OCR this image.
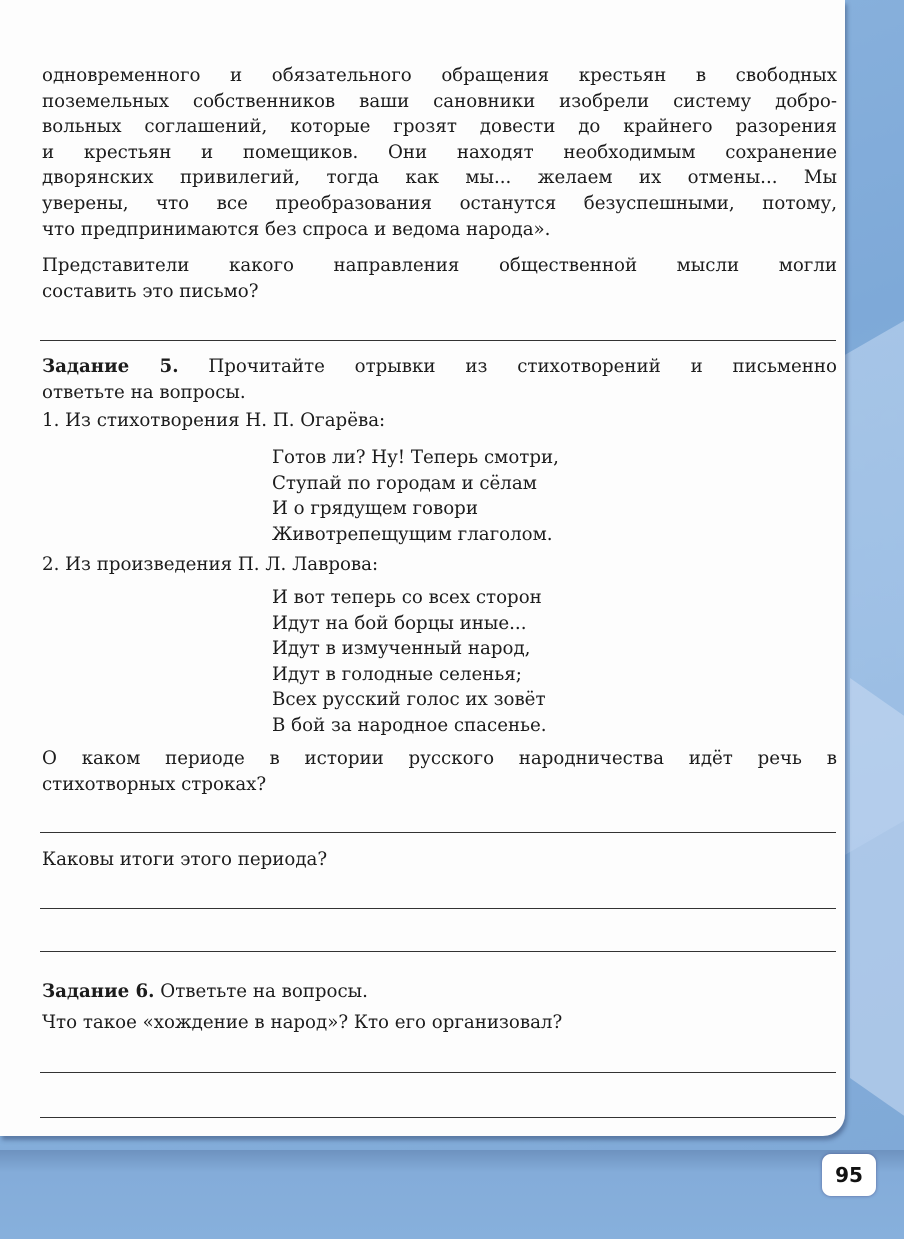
одновременного и обязательного обращения крестьян в свободных
поземельных собственников ваши сановники изобрели систему добро-
вольных соглашений, которые грозят довести до крайнего разорения
и крестьян и помещиков. Они находят необходимым сохранение
дворянских привилегий, тогда как мы... желаем их отмены... Мы
уверены, что все преобразования останутся безуспешными, потому,
что предпринимаются без спроса и ведома народа».
Представители какого направления общественной мысли могли
составить это письмо?
Задание 5. Прочитайте отрывки из стихотворений и письменно
ответьте на вопросы.
1. Из стихотворения Н. П. Огарёва:
Готов ли? Ну! Теперь смотри,
Ступай по городам и сёлам
И о грядущем говори
Животрепещущим глаголом.
2. Из произведения П. Л. Лаврова:
И вот теперь со всех сторон
Идут на бой борцы иные...
Идут в измученный народ,
Идут в голодные селенья;
Всех русский голос их зовёт
В бой за народное спасенье.
О каком периоде в истории русского народничества идёт речь в
стихотворных строках?
Каковы итоги этого периода?
Задание 6. Ответьте на вопросы.
Что такое «хождение в народ»? Кто его организовал?
95
